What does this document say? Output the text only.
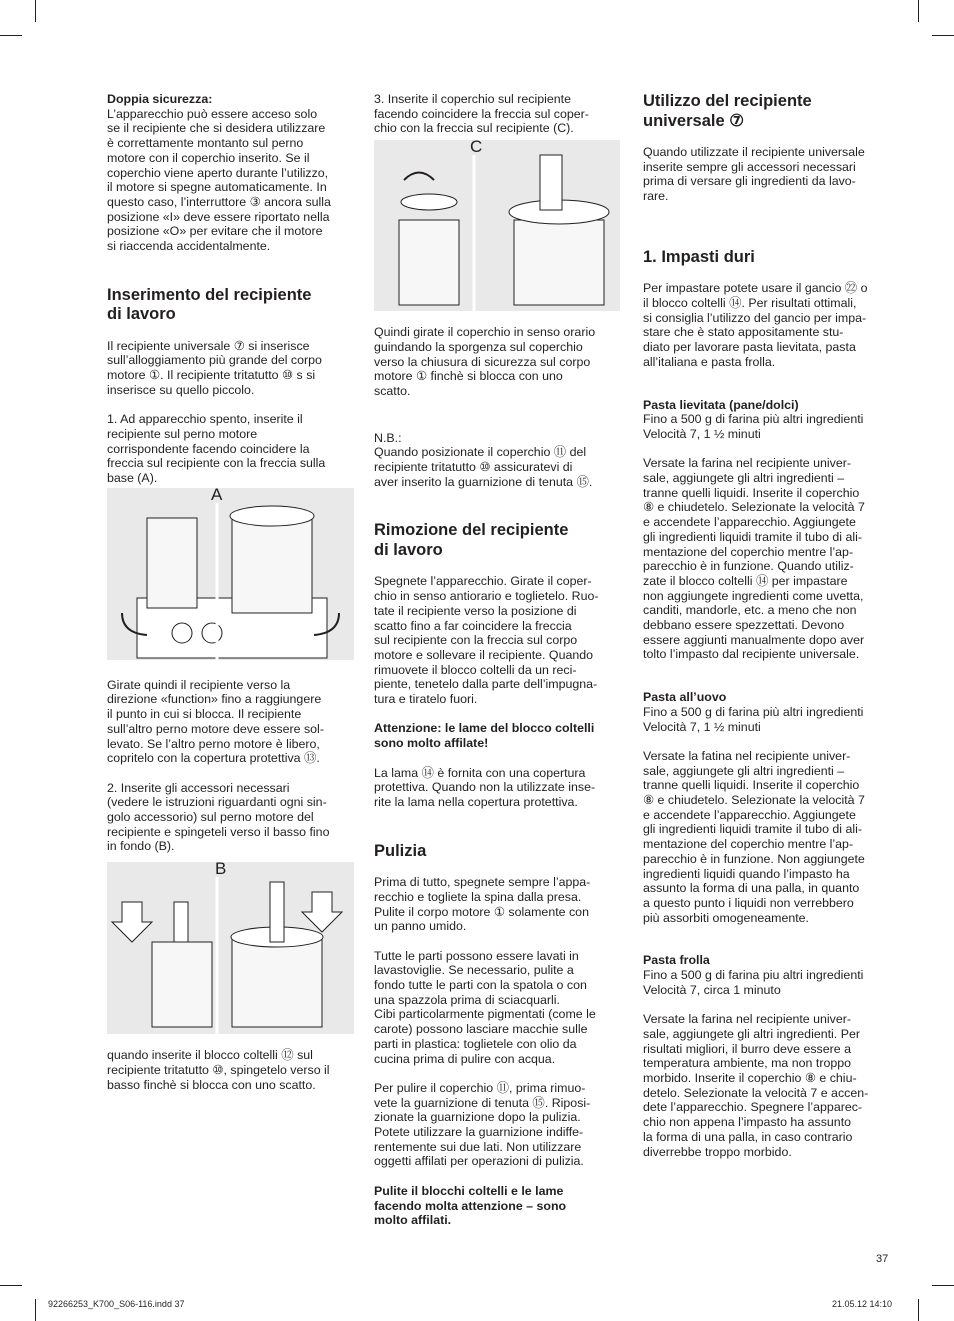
Doppia sicurezza:

L’apparecchio può essere acceso solo
se il recipiente che si desidera utilizzare
è correttamente montanto sul perno
motore con il coperchio inserito. Se il
coperchio viene aperto durante l’utilizzo,
il motore si spegne automaticamente. In
questo caso, l’interruttore ③ ancora sulla
posizione «I» deve essere riportato nella
posizione «O» per evitare che il motore
si riaccenda accidentalmente.

Inserimento del recipiente
di lavoro

Il recipiente universale ⑦ si inserisce
sull’alloggiamento più grande del corpo
motore ①. Il recipiente tritatutto ⑩ s si
inserisce su quello piccolo.

1. Ad apparecchio spento, inserite il
recipiente sul perno motore
corrispondente facendo coincidere la
freccia sul recipiente con la freccia sulla
base (A).

A

Girate quindi il recipiente verso la
direzione «function» fino a raggiungere
il punto in cui si blocca. Il recipiente
sull’altro perno motore deve essere sol-
levato. Se l’altro perno motore è libero,
copritelo con la copertura protettiva ⑬.

2. Inserite gli accessori necessari
(vedere le istruzioni riguardanti ogni sin-
golo accessorio) sul perno motore del
recipiente e spingeteli verso il basso fino
in fondo (B).

B

quando inserite il blocco coltelli ⑫ sul
recipiente tritatutto ⑩, spingetelo verso il
basso finchè si blocca con uno scatto.

3. Inserite il coperchio sul recipiente
facendo coincidere la freccia sul coper-
chio con la freccia sul recipiente (C).

C

Quindi girate il coperchio in senso orario
guindando la sporgenza sul coperchio
verso la chiusura di sicurezza sul corpo
motore ① finchè si blocca con uno
scatto.

N.B.:

Quando posizionate il coperchio ⑪ del
recipiente tritatutto ⑩ assicuratevi di
aver inserito la guarnizione di tenuta ⑮.

Rimozione del recipiente
di lavoro

Spegnete l’apparecchio. Girate il coper-
chio in senso antiorario e toglietelo. Ruo-
tate il recipiente verso la posizione di
scatto fino a far coincidere la freccia
sul recipiente con la freccia sul corpo
motore e sollevare il recipiente. Quando
rimuovete il blocco coltelli da un reci-
piente, tenetelo dalla parte dell’impugna-
tura e tiratelo fuori.

Attenzione: le lame del blocco coltelli
sono molto affilate!

La lama ⑭ è fornita con una copertura
protettiva. Quando non la utilizzate inse-
rite la lama nella copertura protettiva.

Pulizia

Prima di tutto, spegnete sempre l’appa-
recchio e togliete la spina dalla presa.
Pulite il corpo motore ① solamente con
un panno umido.

Tutte le parti possono essere lavati in
lavastoviglie. Se necessario, pulite a
fondo tutte le parti con la spatola o con
una spazzola prima di sciacquarli.
Cibi particolarmente pigmentati (come le
carote) possono lasciare macchie sulle
parti in plastica: toglietele con olio da
cucina prima di pulire con acqua.

Per pulire il coperchio ⑪, prima rimuo-
vete la guarnizione di tenuta ⑮. Riposi-
zionate la guarnizione dopo la pulizia.
Potete utilizzare la guarnizione indiffe-
rentemente sui due lati. Non utilizzare
oggetti affilati per operazioni di pulizia.

Pulite il blocchi coltelli e le lame
facendo molta attenzione – sono
molto affilati.

Utilizzo del recipiente
universale ⑦

Quando utilizzate il recipiente universale
inserite sempre gli accessori necessari
prima di versare gli ingredienti da lavo-
rare.

1. Impasti duri

Per impastare potete usare il gancio ㉒ o
il blocco coltelli ⑭. Per risultati ottimali,
si consiglia l’utilizzo del gancio per impa-
stare che è stato appositamente stu-
diato per lavorare pasta lievitata, pasta
all’italiana e pasta frolla.

Pasta lievitata (pane/dolci)

Fino a 500 g di farina più altri ingredienti
Velocità 7, 1 ½ minuti

Versate la farina nel recipiente univer-
sale, aggiungete gli altri ingredienti –
tranne quelli liquidi. Inserite il coperchio
⑧ e chiudetelo. Selezionate la velocità 7
e accendete l’apparecchio. Aggiungete
gli ingredienti liquidi tramite il tubo di ali-
mentazione del coperchio mentre l’ap-
parecchio è in funzione. Quando utiliz-
zate il blocco coltelli ⑭ per impastare
non aggiungete ingredienti come uvetta,
canditi, mandorle, etc. a meno che non
debbano essere spezzettati. Devono
essere aggiunti manualmente dopo aver
tolto l’impasto dal recipiente universale.

Pasta all’uovo

Fino a 500 g di farina più altri ingredienti
Velocità 7, 1 ½ minuti

Versate la fatina nel recipiente univer-
sale, aggiungete gli altri ingredienti –
tranne quelli liquidi. Inserite il coperchio
⑧ e chiudetelo. Selezionate la velocità 7
e accendete l’apparecchio. Aggiungete
gli ingredienti liquidi tramite il tubo di ali-
mentazione del coperchio mentre l’ap-
parecchio è in funzione. Non aggiungete
ingredienti liquidi quando l’impasto ha
assunto la forma di una palla, in quanto
a questo punto i liquidi non verrebbero
più assorbiti omogeneamente.

Pasta frolla

Fino a 500 g di farina piu altri ingredienti
Velocità 7, circa 1 minuto

Versate la farina nel recipiente univer-
sale, aggiungete gli altri ingredienti. Per
risultati migliori, il burro deve essere a
temperatura ambiente, ma non troppo
morbido. Inserite il coperchio ⑧ e chiu-
detelo. Selezionate la velocità 7 e accen-
dete l’apparecchio. Spegnere l’apparec-
chio non appena l’impasto ha assunto
la forma di una palla, in caso contrario
diverrebbe troppo morbido.

37
92266253_K700_S06-116.indd 37	21.05.12 14:10
